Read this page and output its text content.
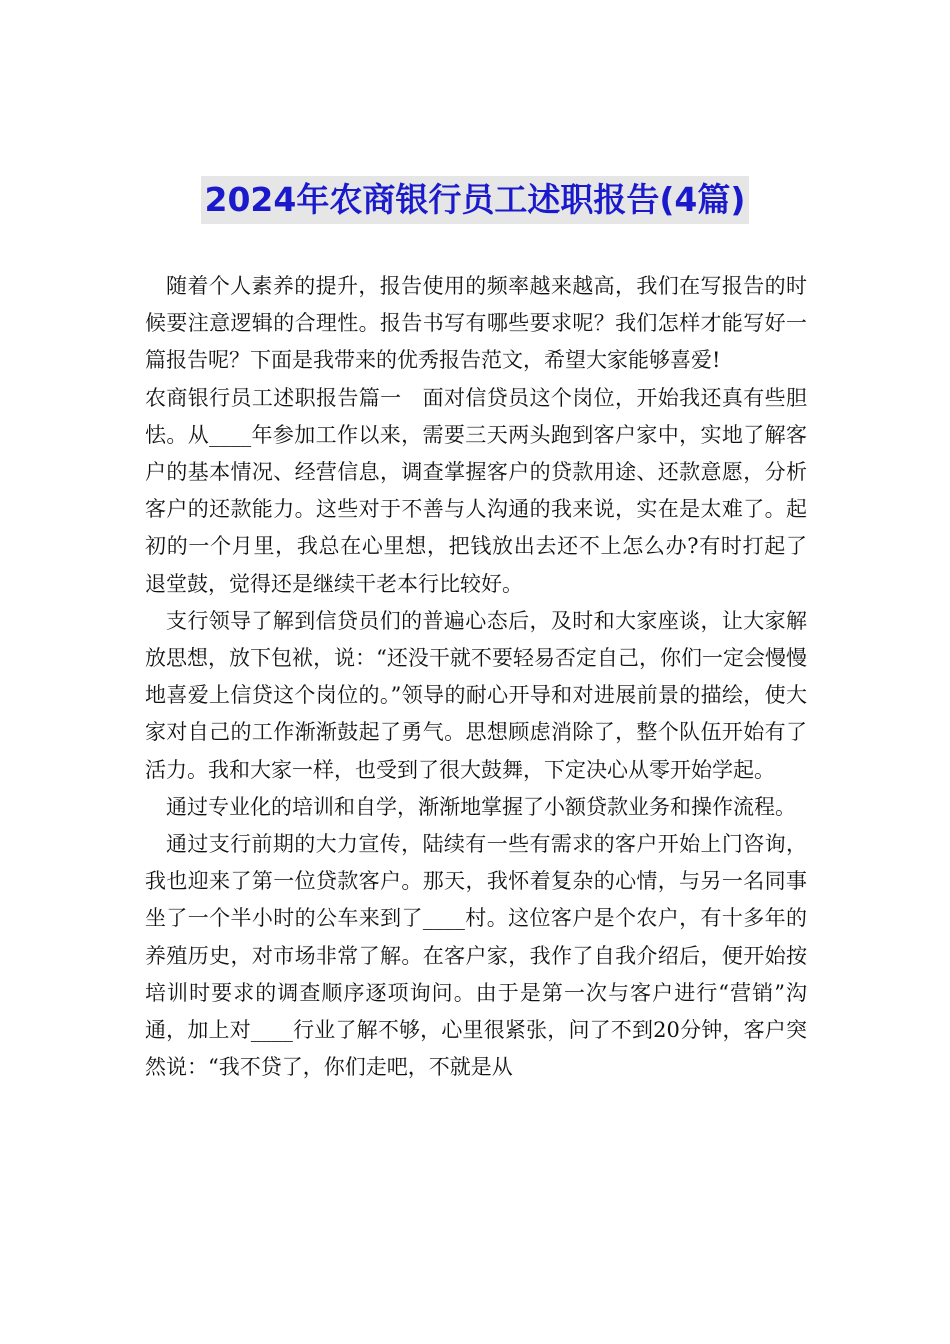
2024年农商银行员工述职报告(4篇)

随着个人素养的提升，报告使用的频率越来越高，我们在写报告的时候要注意逻辑的合理性。报告书写有哪些要求呢？我们怎样才能写好一篇报告呢？下面是我带来的优秀报告范文，希望大家能够喜爱!

农商银行员工述职报告篇一 面对信贷员这个岗位，开始我还真有些胆怯。从____年参加工作以来，需要三天两头跑到客户家中，实地了解客户的基本情况、经营信息，调查掌握客户的贷款用途、还款意愿，分析客户的还款能力。这些对于不善与人沟通的我来说，实在是太难了。起初的一个月里，我总在心里想，把钱放出去还不上怎么办?有时打起了退堂鼓，觉得还是继续干老本行比较好。

支行领导了解到信贷员们的普遍心态后，及时和大家座谈，让大家解放思想，放下包袱，说：“还没干就不要轻易否定自己，你们一定会慢慢地喜爱上信贷这个岗位的。”领导的耐心开导和对进展前景的描绘，使大家对自己的工作渐渐鼓起了勇气。思想顾虑消除了，整个队伍开始有了活力。我和大家一样，也受到了很大鼓舞，下定决心从零开始学起。

通过专业化的培训和自学，渐渐地掌握了小额贷款业务和操作流程。

通过支行前期的大力宣传，陆续有一些有需求的客户开始上门咨询，我也迎来了第一位贷款客户。那天，我怀着复杂的心情，与另一名同事坐了一个半小时的公车来到了____村。这位客户是个农户，有十多年的养殖历史，对市场非常了解。在客户家，我作了自我介绍后，便开始按培训时要求的调查顺序逐项询问。由于是第一次与客户进行“营销”沟通，加上对____行业了解不够，心里很紧张，问了不到20分钟，客户突然说：“我不贷了，你们走吧，不就是从
